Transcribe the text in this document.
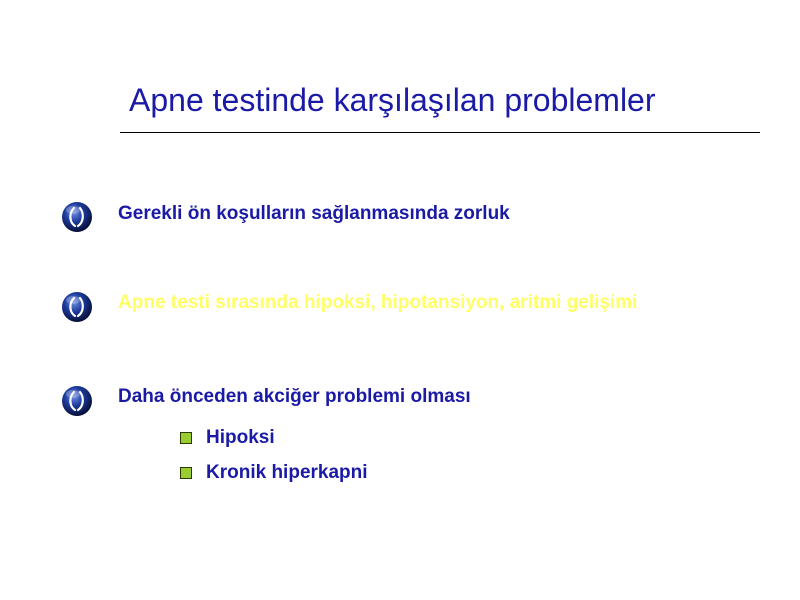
Apne testinde karşılaşılan problemler
Gerekli ön koşulların sağlanmasında zorluk
Apne testi sırasında hipoksi, hipotansiyon, aritmi gelişimi
Daha önceden akciğer problemi olması
Hipoksi
Kronik hiperkapni
